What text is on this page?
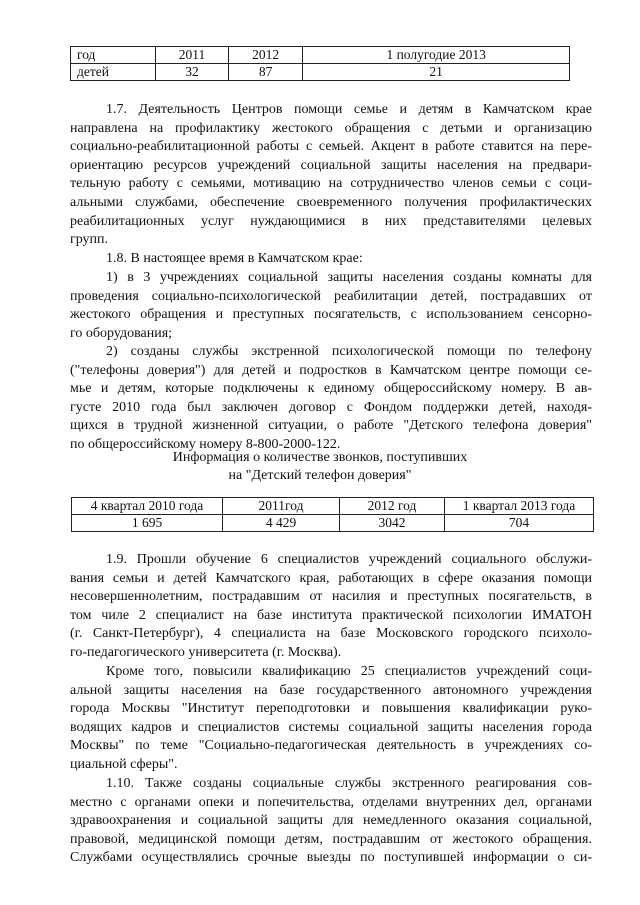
год	2011	2012	1 полугодие 2013
детей	32	87	21
1.7. Деятельность Центров помощи семье и детям в Камчатском крае
направлена на профилактику жестокого обращения с детьми и организацию
социально-реабилитационной работы с семьей. Акцент в работе ставится на пере-
ориентацию ресурсов учреждений социальной защиты населения на предвари-
тельную работу с семьями, мотивацию на сотрудничество членов семьи с соци-
альными службами, обеспечение своевременного получения профилактических
реабилитационных услуг нуждающимися в них представителями целевых
групп.
1.8. В настоящее время в Камчатском крае:
1) в 3 учреждениях социальной защиты населения созданы комнаты для
проведения социально-психологической реабилитации детей, пострадавших от
жестокого обращения и преступных посягательств, с использованием сенсорно-
го оборудования;
2) созданы службы экстренной психологической помощи по телефону
("телефоны доверия") для детей и подростков в Камчатском центре помощи се-
мье и детям, которые подключены к единому общероссийскому номеру. В ав-
густе 2010 года был заключен договор с Фондом поддержки детей, находя-
щихся в трудной жизненной ситуации, о работе "Детского телефона доверия"
по общероссийскому номеру 8-800-2000-122.
Информация о количестве звонков, поступивших
на "Детский телефон доверия"
4 квартал 2010 года	2011год	2012 год	1 квартал 2013 года
1 695	4 429	3042	704
1.9. Прошли обучение 6 специалистов учреждений социального обслужи-
вания семьи и детей Камчатского края, работающих в сфере оказания помощи
несовершеннолетним, пострадавшим от насилия и преступных посягательств, в
том чиле 2 специалист на базе института практической психологии ИМАТОН
(г. Санкт-Петербург), 4 специалиста на базе Московского городского психоло-
го-педагогического университета (г. Москва).
Кроме того, повысили квалификацию 25 специалистов учреждений соци-
альной защиты населения на базе государственного автономного учреждения
города Москвы "Институт переподготовки и повышения квалификации руко-
водящих кадров и специалистов системы социальной защиты населения города
Москвы" по теме "Социально-педагогическая деятельность в учреждениях со-
циальной сферы".
1.10. Также созданы социальные службы экстренного реагирования сов-
местно с органами опеки и попечительства, отделами внутренних дел, органами
здравоохранения и социальной защиты для немедленного оказания социальной,
правовой, медицинской помощи детям, пострадавшим от жестокого обращения.
Службами осуществлялись срочные выезды по поступившей информации о си-
